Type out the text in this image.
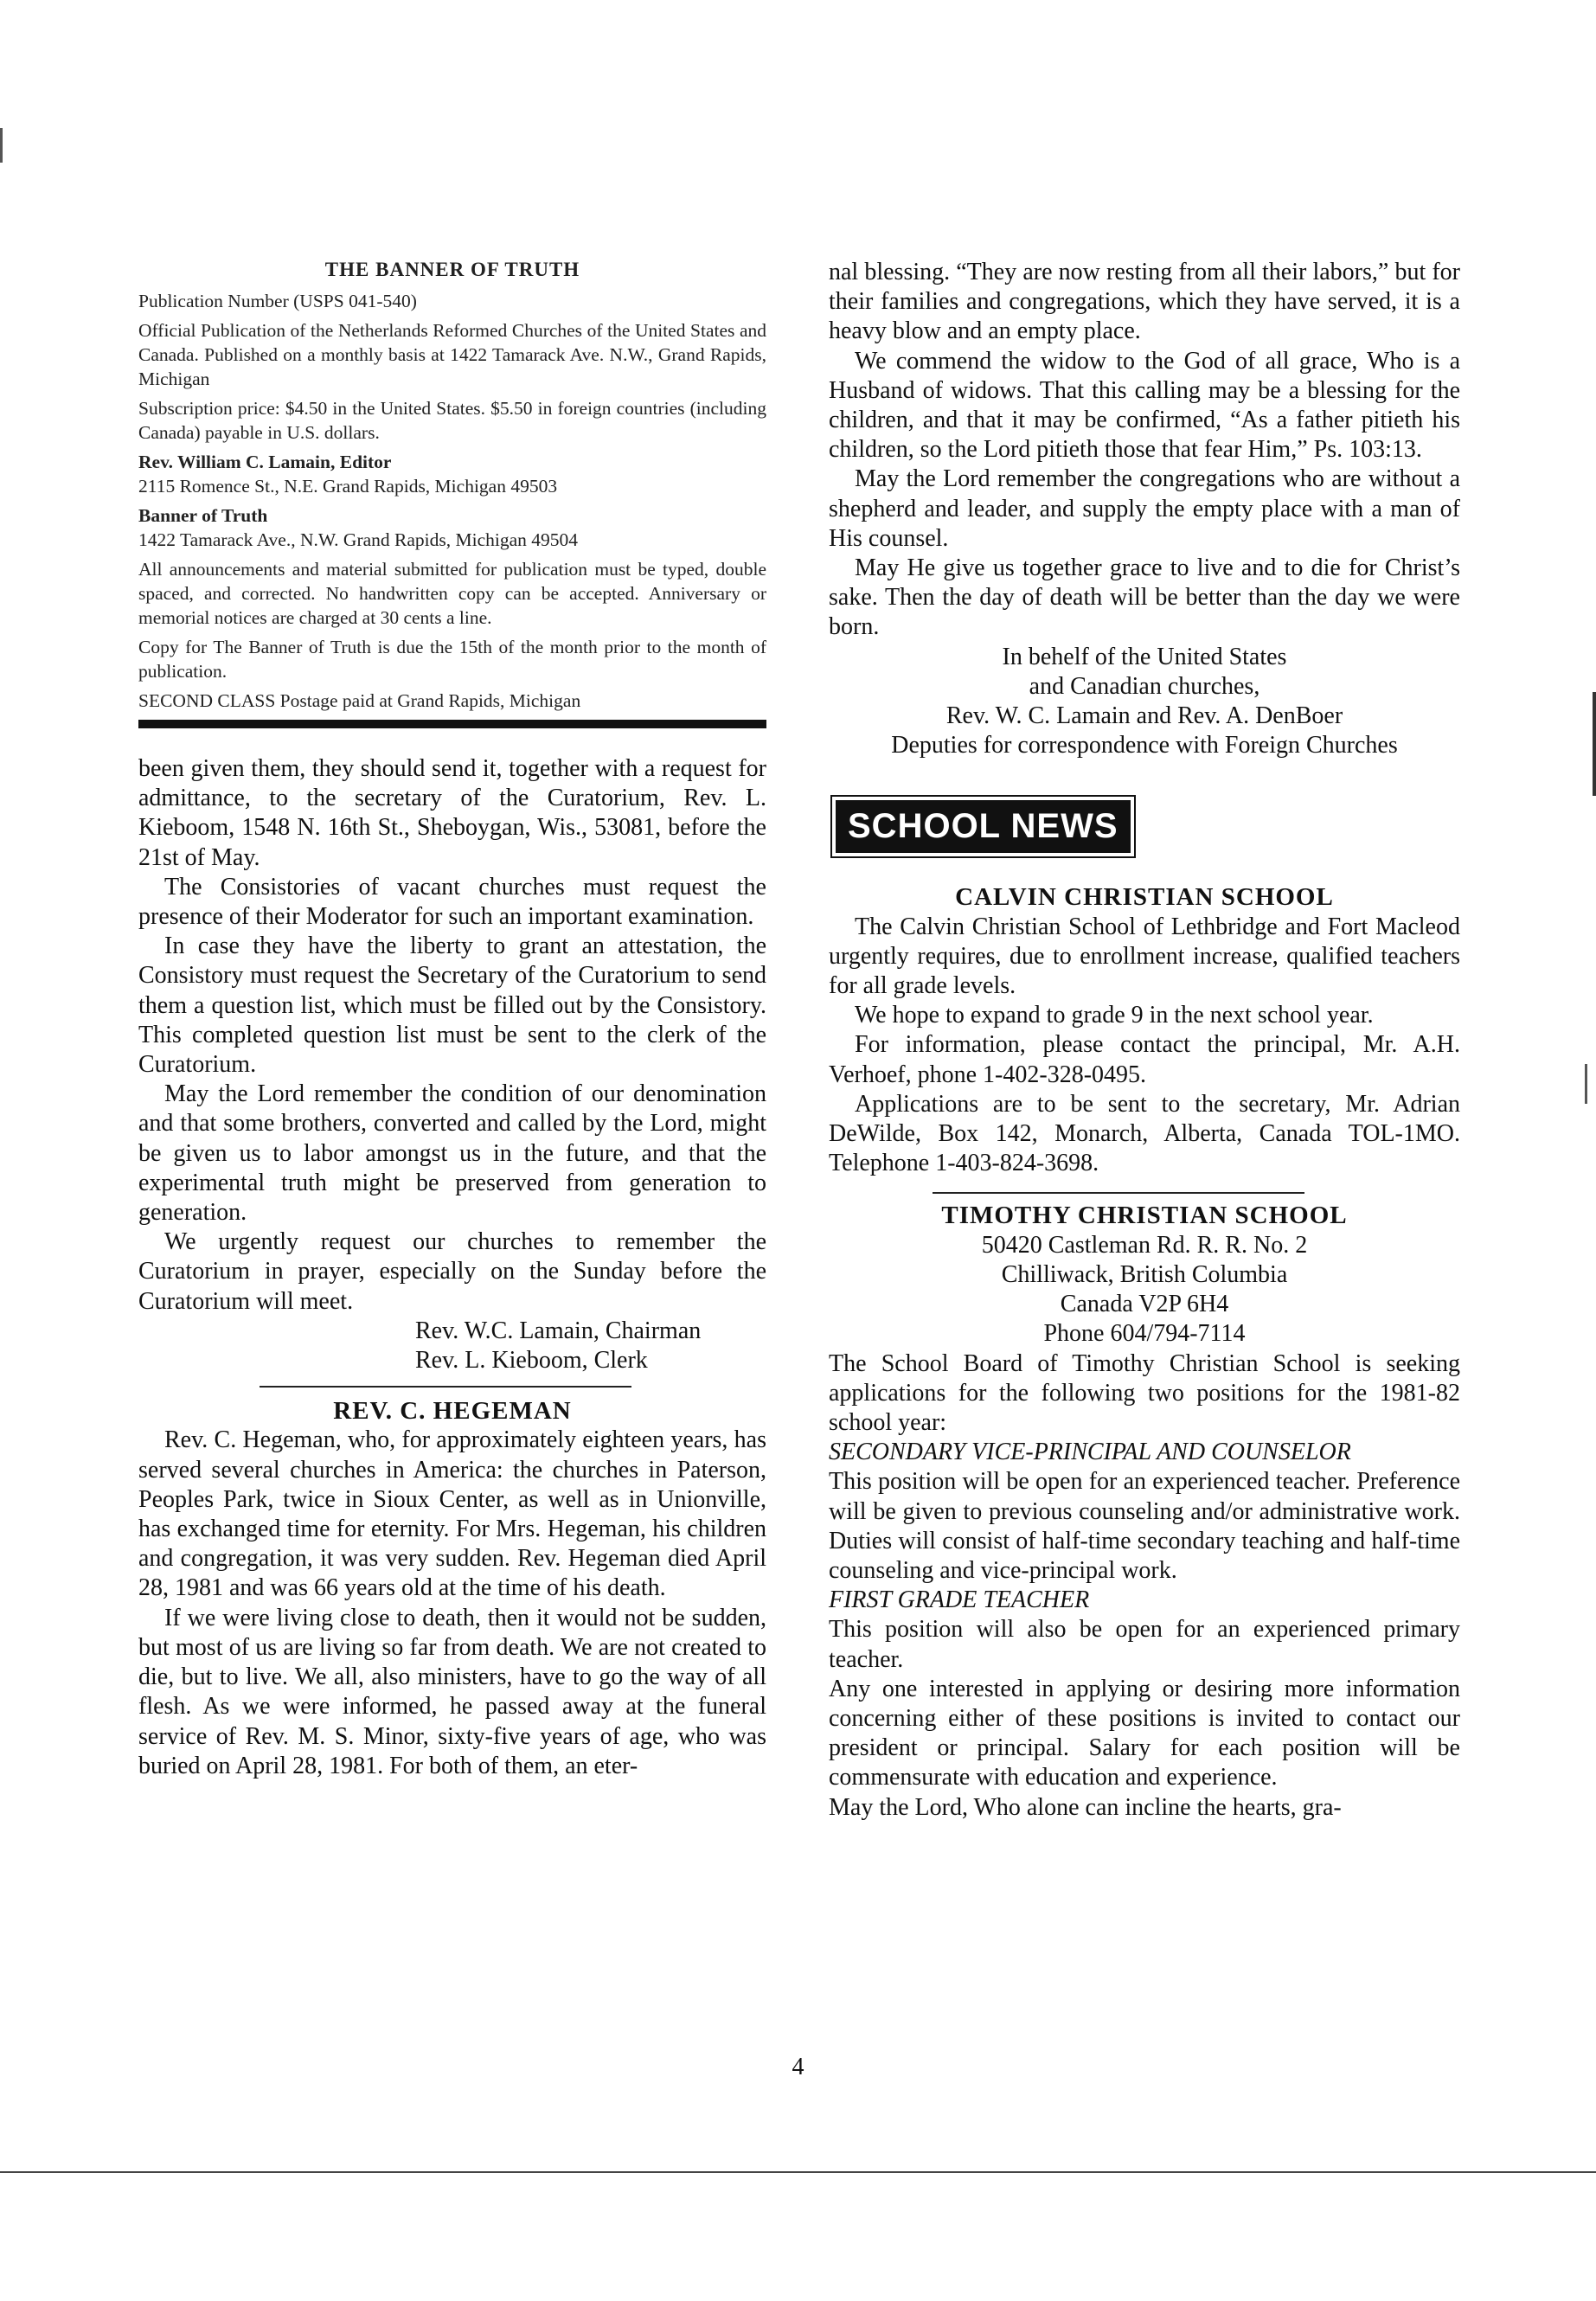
THE BANNER OF TRUTH

Publication Number (USPS 041-540)

Official Publication of the Netherlands Reformed Churches of the United States and Canada. Published on a monthly basis at 1422 Tamarack Ave. N.W., Grand Rapids, Michigan

Subscription price: $4.50 in the United States. $5.50 in foreign countries (including Canada) payable in U.S. dollars.

Rev. William C. Lamain, Editor

2115 Romence St., N.E. Grand Rapids, Michigan 49503

Banner of Truth

1422 Tamarack Ave., N.W. Grand Rapids, Michigan 49504

All announcements and material submitted for publication must be typed, double spaced, and corrected. No handwritten copy can be accepted. Anniversary or memorial notices are charged at 30 cents a line.

Copy for The Banner of Truth is due the 15th of the month prior to the month of publication.

SECOND CLASS Postage paid at Grand Rapids, Michigan

been given them, they should send it, together with a request for admittance, to the secretary of the Curatorium, Rev. L. Kieboom, 1548 N. 16th St., Sheboygan, Wis., 53081, before the 21st of May.

The Consistories of vacant churches must request the presence of their Moderator for such an important examination.

In case they have the liberty to grant an attestation, the Consistory must request the Secretary of the Curatorium to send them a question list, which must be filled out by the Consistory. This completed question list must be sent to the clerk of the Curatorium.

May the Lord remember the condition of our denomination and that some brothers, converted and called by the Lord, might be given us to labor amongst us in the future, and that the experimental truth might be preserved from generation to generation.

We urgently request our churches to remember the Curatorium in prayer, especially on the Sunday before the Curatorium will meet.

Rev. W.C. Lamain, Chairman

Rev. L. Kieboom, Clerk

REV. C. HEGEMAN

Rev. C. Hegeman, who, for approximately eighteen years, has served several churches in America: the churches in Paterson, Peoples Park, twice in Sioux Center, as well as in Unionville, has exchanged time for eternity. For Mrs. Hegeman, his children and congregation, it was very sudden. Rev. Hegeman died April 28, 1981 and was 66 years old at the time of his death.

If we were living close to death, then it would not be sudden, but most of us are living so far from death. We are not created to die, but to live. We all, also ministers, have to go the way of all flesh. As we were informed, he passed away at the funeral service of Rev. M. S. Minor, sixty-five years of age, who was buried on April 28, 1981. For both of them, an eter-

nal blessing. “They are now resting from all their labors,” but for their families and congregations, which they have served, it is a heavy blow and an empty place.

We commend the widow to the God of all grace, Who is a Husband of widows. That this calling may be a blessing for the children, and that it may be confirmed, “As a father pitieth his children, so the Lord pitieth those that fear Him,” Ps. 103:13.

May the Lord remember the congregations who are without a shepherd and leader, and supply the empty place with a man of His counsel.

May He give us together grace to live and to die for Christ’s sake. Then the day of death will be better than the day we were born.

In behelf of the United States

and Canadian churches,

Rev. W. C. Lamain and Rev. A. DenBoer

Deputies for correspondence with Foreign Churches

SCHOOL NEWS

CALVIN CHRISTIAN SCHOOL

The Calvin Christian School of Lethbridge and Fort Macleod urgently requires, due to enrollment increase, qualified teachers for all grade levels.

We hope to expand to grade 9 in the next school year.

For information, please contact the principal, Mr. A.H. Verhoef, phone 1-402-328-0495.

Applications are to be sent to the secretary, Mr. Adrian DeWilde, Box 142, Monarch, Alberta, Canada TOL-1MO. Telephone 1-403-824-3698.

TIMOTHY CHRISTIAN SCHOOL

50420 Castleman Rd. R. R. No. 2

Chilliwack, British Columbia

Canada V2P 6H4

Phone 604/794-7114

The School Board of Timothy Christian School is seeking applications for the following two positions for the 1981-82 school year:

SECONDARY VICE-PRINCIPAL AND COUNSELOR

This position will be open for an experienced teacher. Preference will be given to previous counseling and/or administrative work. Duties will consist of half-time secondary teaching and half-time counseling and vice-principal work.

FIRST GRADE TEACHER

This position will also be open for an experienced primary teacher.

Any one interested in applying or desiring more information concerning either of these positions is invited to contact our president or principal. Salary for each position will be commensurate with education and experience.

May the Lord, Who alone can incline the hearts, gra-

4
